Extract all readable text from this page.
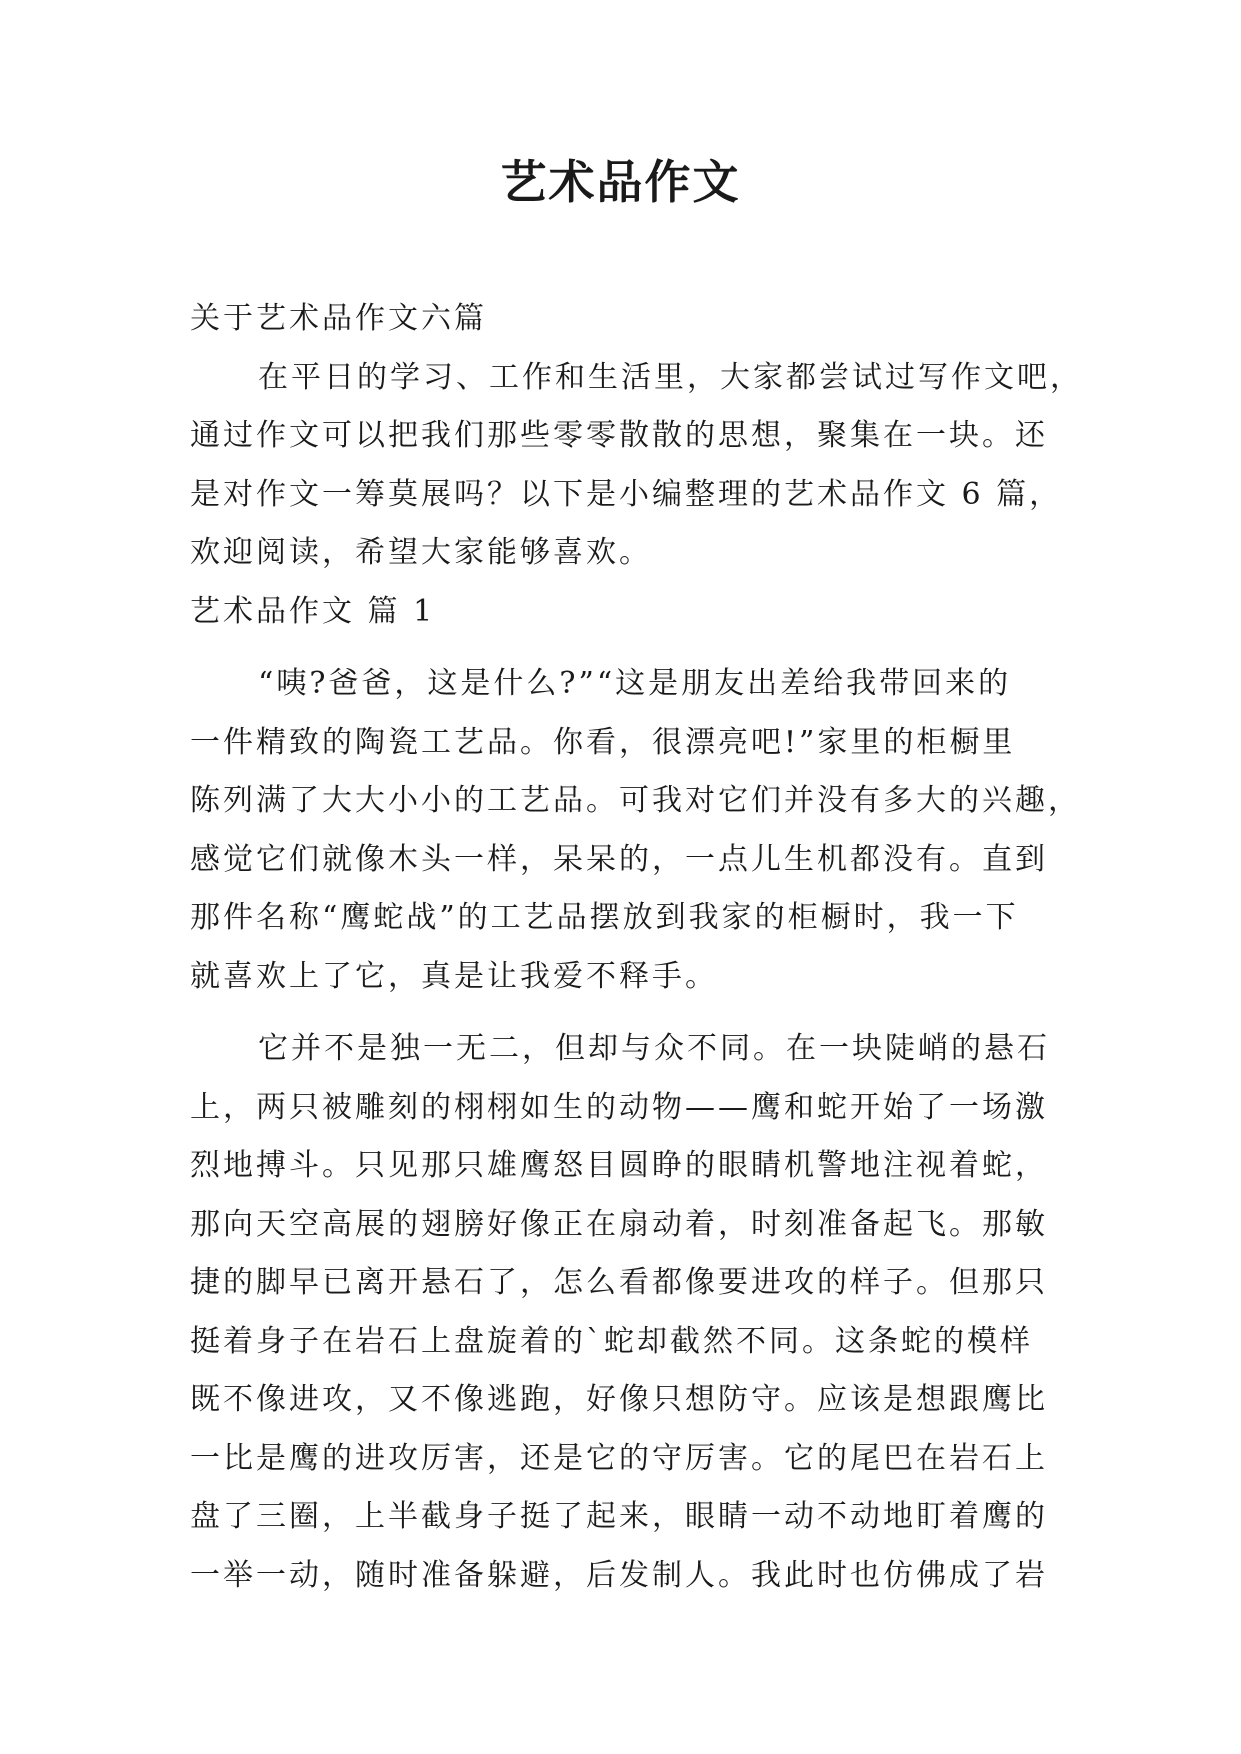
艺术品作文
关于艺术品作文六篇
在平日的学习、工作和生活里，大家都尝试过写作文吧，
通过作文可以把我们那些零零散散的思想，聚集在一块。还
是对作文一筹莫展吗？以下是小编整理的艺术品作文 6 篇，
欢迎阅读，希望大家能够喜欢。
艺术品作文 篇 1
“咦?爸爸，这是什么?”“这是朋友出差给我带回来的
一件精致的陶瓷工艺品。你看，很漂亮吧!”家里的柜橱里
陈列满了大大小小的工艺品。可我对它们并没有多大的兴趣，
感觉它们就像木头一样，呆呆的，一点儿生机都没有。直到
那件名称“鹰蛇战”的工艺品摆放到我家的柜橱时，我一下
就喜欢上了它，真是让我爱不释手。
它并不是独一无二，但却与众不同。在一块陡峭的悬石
上，两只被雕刻的栩栩如生的动物——鹰和蛇开始了一场激
烈地搏斗。只见那只雄鹰怒目圆睁的眼睛机警地注视着蛇，
那向天空高展的翅膀好像正在扇动着，时刻准备起飞。那敏
捷的脚早已离开悬石了，怎么看都像要进攻的样子。但那只
挺着身子在岩石上盘旋着的`蛇却截然不同。这条蛇的模样
既不像进攻，又不像逃跑，好像只想防守。应该是想跟鹰比
一比是鹰的进攻厉害，还是它的守厉害。它的尾巴在岩石上
盘了三圈，上半截身子挺了起来，眼睛一动不动地盯着鹰的
一举一动，随时准备躲避，后发制人。我此时也仿佛成了岩
